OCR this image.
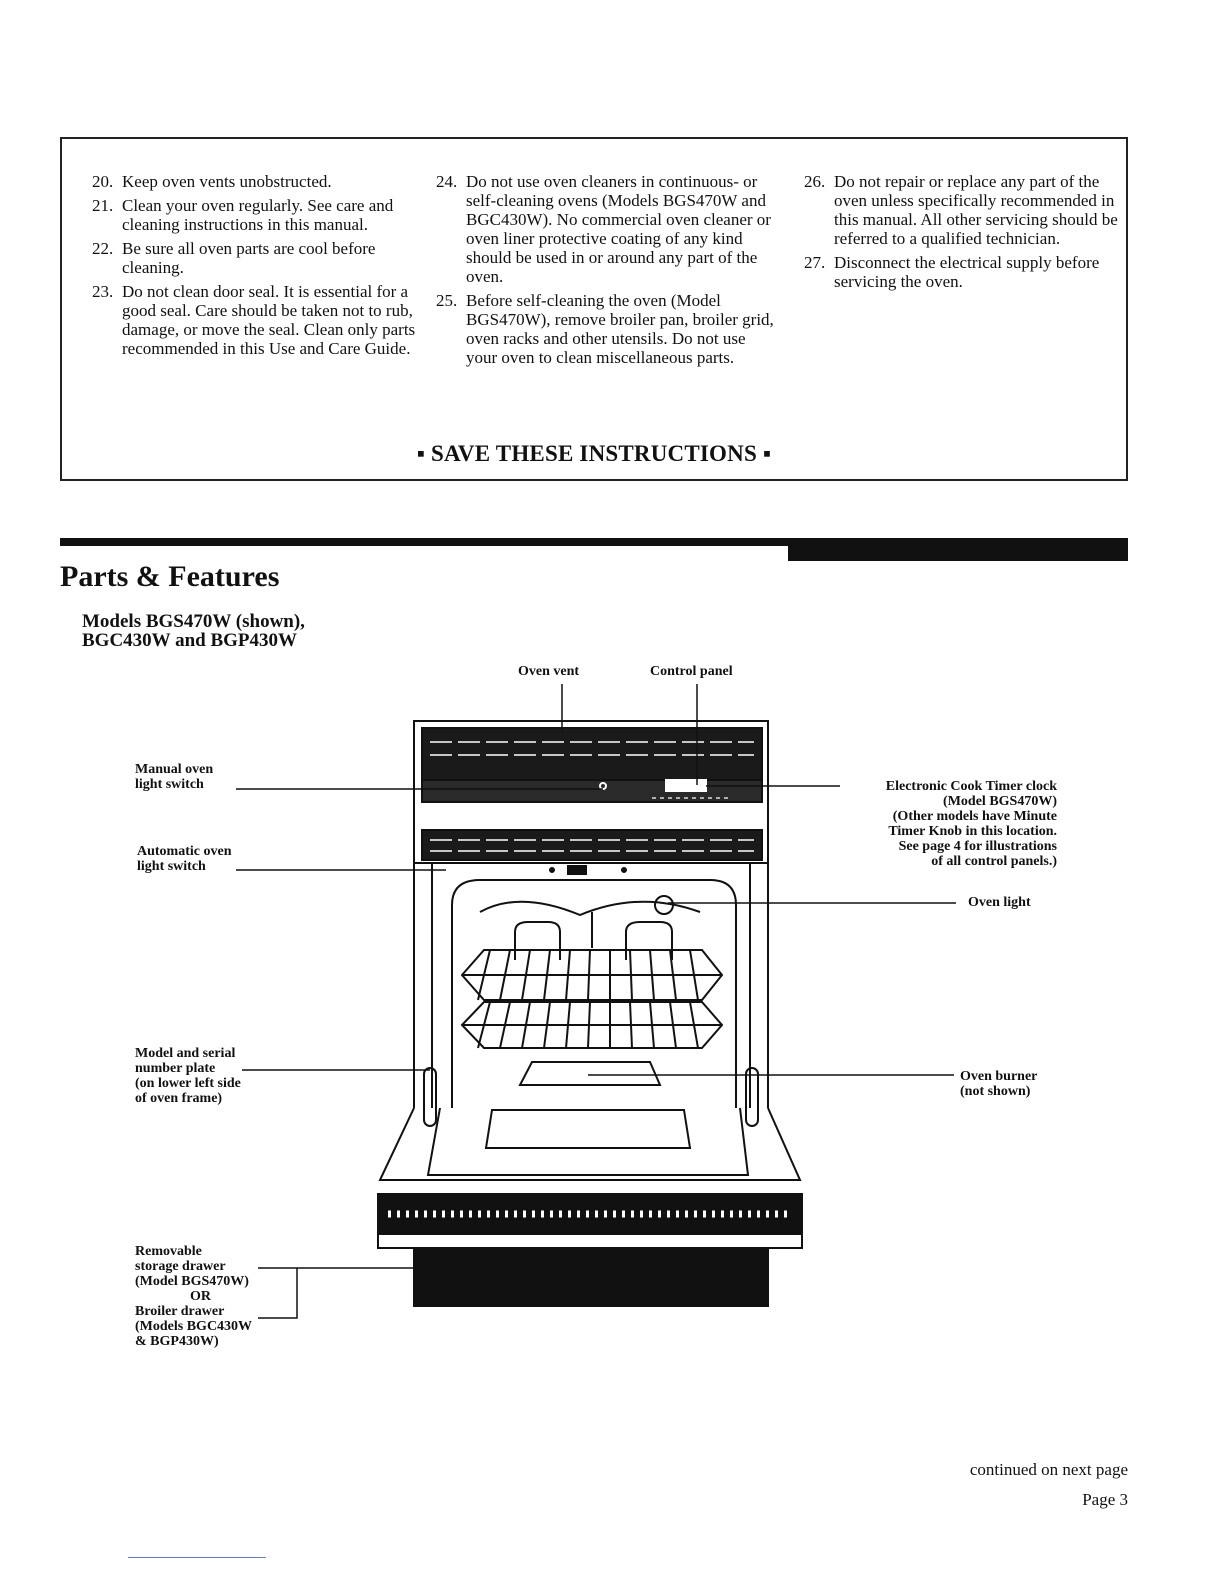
20. Keep oven vents unobstructed.
21. Clean your oven regularly. See care and cleaning instructions in this manual.
22. Be sure all oven parts are cool before cleaning.
23. Do not clean door seal. It is essential for a good seal. Care should be taken not to rub, damage, or move the seal. Clean only parts recommended in this Use and Care Guide.
24. Do not use oven cleaners in continuous- or self-cleaning ovens (Models BGS470W and BGC430W). No commercial oven cleaner or oven liner protective coating of any kind should be used in or around any part of the oven.
25. Before self-cleaning the oven (Model BGS470W), remove broiler pan, broiler grid, oven racks and other utensils. Do not use your oven to clean miscellaneous parts.
26. Do not repair or replace any part of the oven unless specifically recommended in this manual. All other servicing should be referred to a qualified technician.
27. Disconnect the electrical supply before servicing the oven.
▪ SAVE THESE INSTRUCTIONS ▪
Parts & Features
Models BGS470W (shown),
BGC430W and BGP430W
Oven vent	Control panel
Manual oven
light switch
Automatic oven
light switch
Electronic Cook Timer clock
(Model BGS470W)
(Other models have Minute
Timer Knob in this location.
See page 4 for illustrations
of all control panels.)
Oven light
Model and serial
number plate
(on lower left side
of oven frame)
Oven burner
(not shown)
Removable
storage drawer
(Model BGS470W)
OR
Broiler drawer
(Models BGC430W
& BGP430W)
continued on next page
Page 3
